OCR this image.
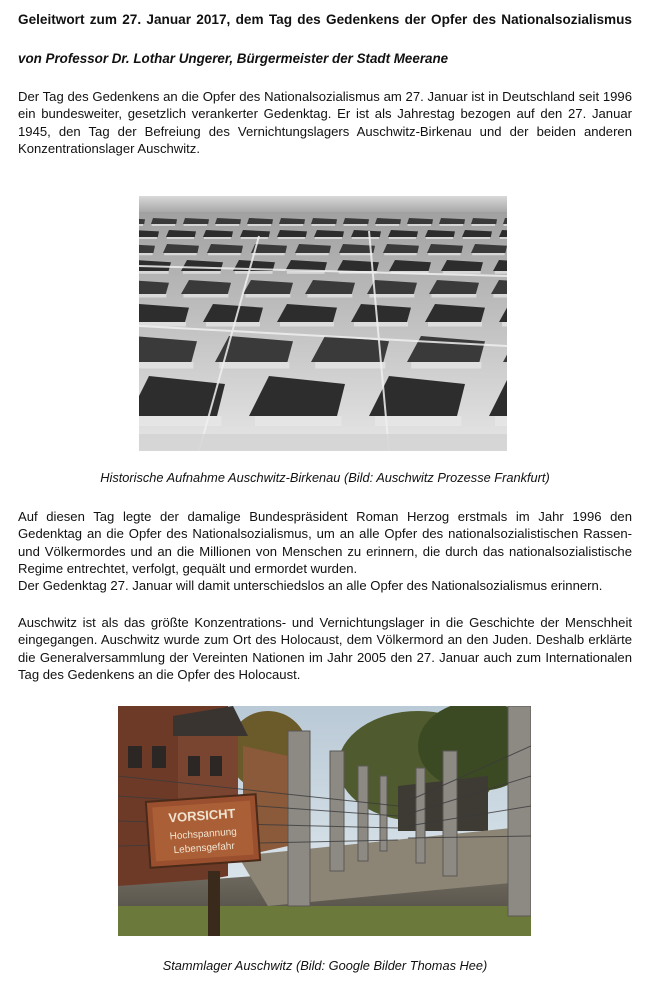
Geleitwort zum 27. Januar 2017, dem Tag des Gedenkens der Opfer des Nationalsozialismus
von Professor Dr. Lothar Ungerer, Bürgermeister der Stadt Meerane

Der Tag des Gedenkens an die Opfer des Nationalsozialismus am 27. Januar ist in Deutschland seit 1996 ein bundesweiter, gesetzlich verankerter Gedenktag. Er ist als Jahrestag bezogen auf den 27. Januar 1945, den Tag der Befreiung des Vernichtungslagers Auschwitz-Birkenau und der beiden anderen Konzentrationslager Auschwitz.

Historische Aufnahme Auschwitz-Birkenau (Bild: Auschwitz Prozesse Frankfurt)

Auf diesen Tag legte der damalige Bundespräsident Roman Herzog erstmals im Jahr 1996 den Gedenktag an die Opfer des Nationalsozialismus, um an alle Opfer des nationalsozialistischen Rassen- und Völkermordes und an die Millionen von Menschen zu erinnern, die durch das nationalsozialistische Regime entrechtet, verfolgt, gequält und ermordet wurden.

Der Gedenktag 27. Januar will damit unterschiedslos an alle Opfer des Nationalsozialismus erinnern.

Auschwitz ist als das größte Konzentrations- und Vernichtungslager in die Geschichte der Menschheit eingegangen. Auschwitz wurde zum Ort des Holocaust, dem Völkermord an den Juden. Deshalb erklärte die Generalversammlung der Vereinten Nationen im Jahr 2005 den 27. Januar auch zum Internationalen Tag des Gedenkens an die Opfer des Holocaust.

VORSICHT
Hochspannung
Lebensgefahr
Stammlager Auschwitz (Bild: Google Bilder Thomas Hee)
